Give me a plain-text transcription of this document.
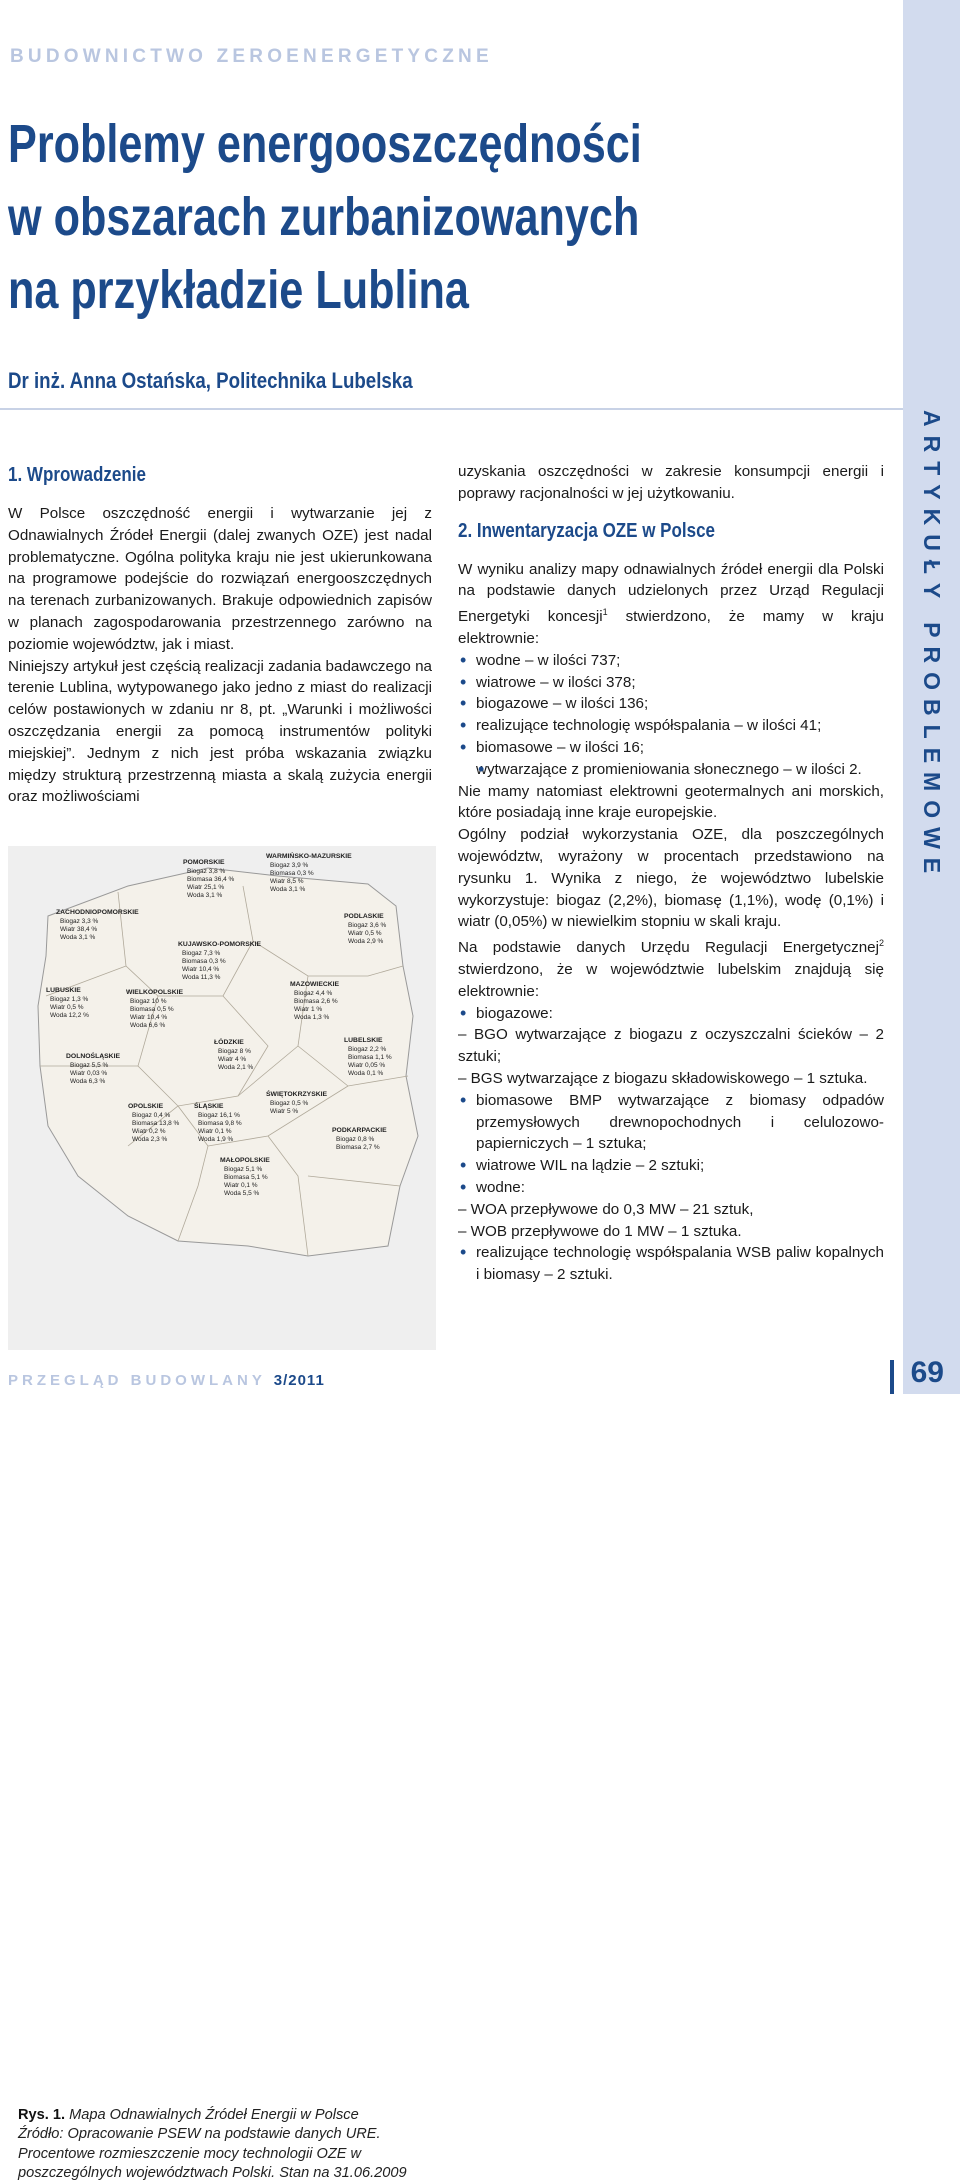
BUDOWNICTWO ZEROENERGETYCZNE
Problemy energooszczędności
w obszarach zurbanizowanych
na przykładzie Lublina
Dr inż. Anna Ostańska, Politechnika Lubelska
ARTYKUŁY PROBLEMOWE
1. Wprowadzenie

W Polsce oszczędność energii i wytwarzanie jej z Odnawialnych Źródeł Energii (dalej zwanych OZE) jest nadal problematyczne. Ogólna polityka kraju nie jest ukierunkowana na programowe podejście do rozwiązań energooszczędnych na terenach zurbanizowanych. Brakuje odpowiednich zapisów w planach zagospodarowania przestrzennego zarówno na poziomie województw, jak i miast.

Niniejszy artykuł jest częścią realizacji zadania badawczego na terenie Lublina, wytypowanego jako jedno z miast do realizacji celów postawionych w zdaniu nr 8, pt. „Warunki i możliwości oszczędzania energii za pomocą instrumentów polityki miejskiej”. Jednym z nich jest próba wskazania związku między strukturą przestrzenną miasta a skalą zużycia energii oraz możliwościami

POMORSKIE
Biogaz 3,8 %
Biomasa 36,4 %
Wiatr 25,1 %
Woda 3,1 %
ZACHODNIOPOMORSKIE
Biogaz 3,3 %
Wiatr 38,4 %
Woda 3,1 %
WARMIŃSKO-MAZURSKIE
Biogaz 3,9 %
Biomasa 0,3 %
Wiatr 8,5 %
Woda 3,1 %
PODLASKIE
Biogaz 3,6 %
Wiatr 0,5 %
Woda 2,9 %
KUJAWSKO-POMORSKIE
Biogaz 7,3 %
Biomasa 0,3 %
Wiatr 10,4 %
Woda 11,3 %
LUBUSKIE
Biogaz 1,3 %
Wiatr 0,5 %
Woda 12,2 %
WIELKOPOLSKIE
Biogaz 10 %
Biomasa 0,5 %
Wiatr 10,4 %
Woda 6,6 %
MAZOWIECKIE
Biogaz 4,4 %
Biomasa 2,6 %
Wiatr 1 %
Woda 1,3 %
ŁÓDZKIE
Biogaz 8 %
Wiatr 4 %
Woda 2,1 %
DOLNOŚLĄSKIE
Biogaz 5,5 %
Wiatr 0,03 %
Woda 6,3 %
OPOLSKIE
Biogaz 0,4 %
Biomasa 13,8 %
Wiatr 0,2 %
Woda 2,3 %
ŚLĄSKIE
Biogaz 16,1 %
Biomasa 9,8 %
Wiatr 0,1 %
Woda 1,9 %
ŚWIĘTOKRZYSKIE
Biogaz 0,5 %
Wiatr 5 %
LUBELSKIE
Biogaz 2,2 %
Biomasa 1,1 %
Wiatr 0,05 %
Woda 0,1 %
MAŁOPOLSKIE
Biogaz 5,1 %
Biomasa 5,1 %
Wiatr 0,1 %
Woda 5,5 %
PODKARPACKIE
Biogaz 0,8 %
Biomasa 2,7 %
Rys. 1. Mapa Odnawialnych Źródeł Energii w Polsce
Źródło: Opracowanie PSEW na podstawie danych URE. Procentowe rozmieszczenie mocy technologii OZE w poszczególnych województwach Polski. Stan na 31.06.2009

uzyskania oszczędności w zakresie konsumpcji energii i poprawy racjonalności w jej użytkowaniu.

2. Inwentaryzacja OZE w Polsce

W wyniku analizy mapy odnawialnych źródeł energii dla Polski na podstawie danych udzielonych przez Urząd Regulacji Energetyki koncesji$^1$ stwierdzono, że mamy w kraju elektrownie:

• wodne – w ilości 737;
• wiatrowe – w ilości 378;
• biogazowe – w ilości 136;
• realizujące technologię współspalania – w ilości 41;
• biomasowe – w ilości 16;
• wytwarzające z promieniowania słonecznego – w ilości 2.

Nie mamy natomiast elektrowni geotermalnych ani morskich, które posiadają inne kraje europejskie.

Ogólny podział wykorzystania OZE, dla poszczególnych województw, wyrażony w procentach przedstawiono na rysunku 1. Wynika z niego, że województwo lubelskie wykorzystuje: biogaz (2,2%), biomasę (1,1%), wodę (0,1%) i wiatr (0,05%) w niewielkim stopniu w skali kraju.

Na podstawie danych Urzędu Regulacji Energetycznej$^2$ stwierdzono, że w województwie lubelskim znajdują się elektrownie:

• biogazowe:
– BGO wytwarzające z biogazu z oczyszczalni ścieków – 2 sztuki;
– BGS wytwarzające z biogazu składowiskowego – 1 sztuka.
• biomasowe BMP wytwarzające z biomasy odpadów przemysłowych drewnopochodnych i celulozowo-papierniczych – 1 sztuka;
• wiatrowe WIL na lądzie – 2 sztuki;
• wodne:
– WOA przepływowe do 0,3 MW – 21 sztuk,
– WOB przepływowe do 1 MW – 1 sztuka.
• realizujące technologię współspalania WSB paliw kopalnych i biomasy – 2 sztuki.
PRZEGLĄD BUDOWLANY 3/2011	69
